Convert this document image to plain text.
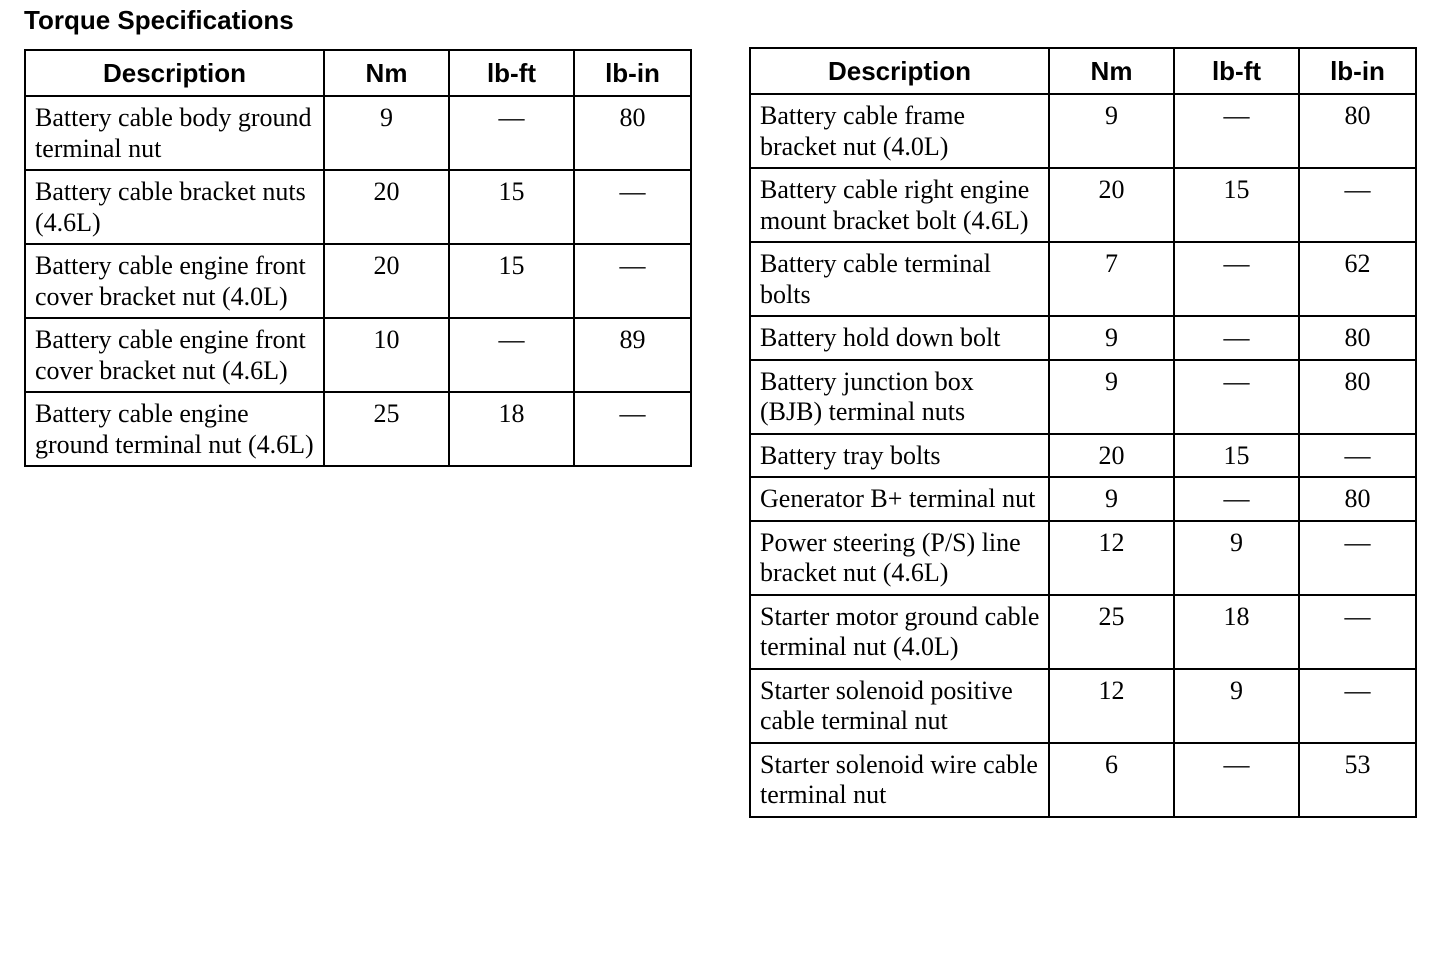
Torque Specifications
Description	Nm	lb-ft	lb-in
Battery cable body ground terminal nut	9	—	80
Battery cable bracket nuts (4.6L)	20	15	—
Battery cable engine front cover bracket nut (4.0L)	20	15	—
Battery cable engine front cover bracket nut (4.6L)	10	—	89
Battery cable engine ground terminal nut (4.6L)	25	18	—
Description	Nm	lb-ft	lb-in
Battery cable frame bracket nut (4.0L)	9	—	80
Battery cable right engine mount bracket bolt (4.6L)	20	15	—
Battery cable terminal bolts	7	—	62
Battery hold down bolt	9	—	80
Battery junction box (BJB) terminal nuts	9	—	80
Battery tray bolts	20	15	—
Generator B+ terminal nut	9	—	80
Power steering (P/S) line bracket nut (4.6L)	12	9	—
Starter motor ground cable terminal nut (4.0L)	25	18	—
Starter solenoid positive cable terminal nut	12	9	—
Starter solenoid wire cable terminal nut	6	—	53
